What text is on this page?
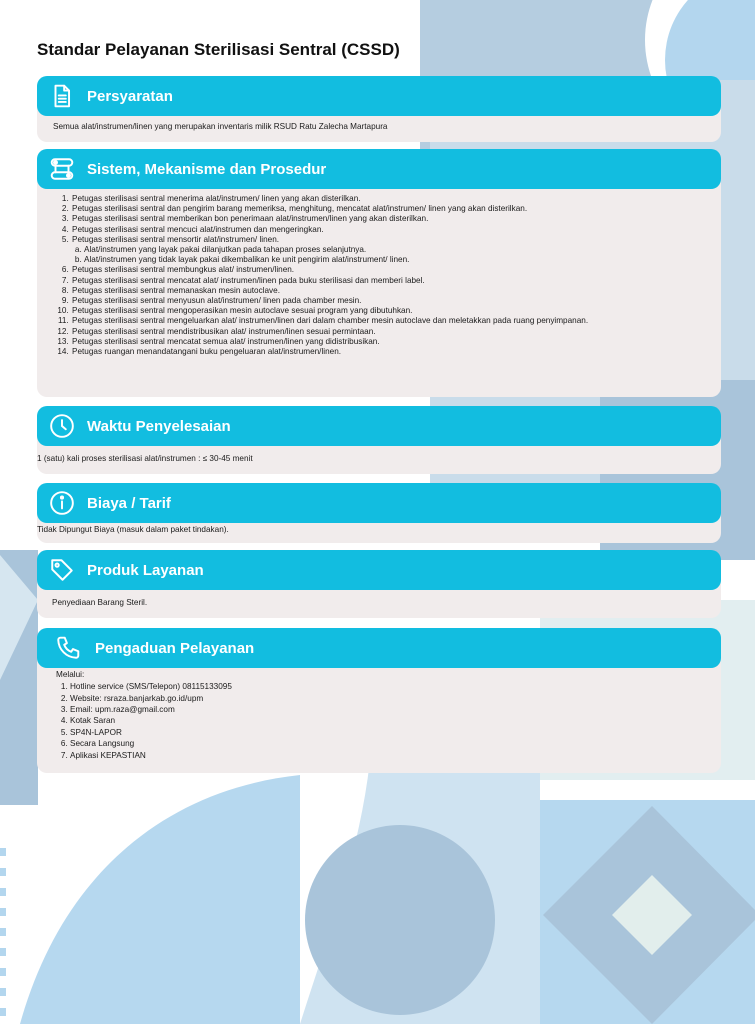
Standar Pelayanan Sterilisasi Sentral (CSSD)
Persyaratan

Semua alat/instrumen/linen yang merupakan inventaris milik RSUD Ratu Zalecha Martapura

Sistem, Mekanisme dan Prosedur
1. Petugas sterilisasi sentral menerima alat/instrumen/ linen yang akan disterilkan.
2. Petugas sterilisasi sentral dan pengirim barang memeriksa, menghitung, mencatat alat/instrumen/ linen yang akan disterilkan.
3. Petugas sterilisasi sentral memberikan bon penerimaan alat/instrumen/linen yang akan disterilkan.
4. Petugas sterilisasi sentral mencuci alat/instrumen dan mengeringkan.
5. Petugas sterilisasi sentral mensortir alat/instrumen/ linen.
a. Alat/instrumen yang layak pakai dilanjutkan pada tahapan proses selanjutnya.
b. Alat/instrumen yang tidak layak pakai dikembalikan ke unit pengirim alat/instrument/ linen.
6. Petugas sterilisasi sentral membungkus alat/ instrumen/linen.
7. Petugas sterilisasi sentral mencatat alat/ instrumen/linen pada buku sterilisasi dan memberi label.
8. Petugas sterilisasi sentral memanaskan mesin autoclave.
9. Petugas sterilisasi sentral menyusun alat/instrumen/ linen pada chamber mesin.
10. Petugas sterilisasi sentral mengoperasikan mesin autoclave sesuai program yang dibutuhkan.
11. Petugas sterilisasi sentral mengeluarkan alat/ instrumen/linen dari dalam chamber mesin autoclave dan meletakkan pada ruang penyimpanan.
12. Petugas sterilisasi sentral mendistribusikan alat/ instrumen/linen sesuai permintaan.
13. Petugas sterilisasi sentral mencatat semua alat/ instrumen/linen yang didistribusikan.
14. Petugas ruangan menandatangani buku pengeluaran alat/instrumen/linen.
Waktu Penyelesaian

1 (satu) kali proses sterilisasi alat/instrumen : ≤ 30-45 menit

Biaya / Tarif

Tidak Dipungut Biaya (masuk dalam paket tindakan).

Produk Layanan

Penyediaan Barang Steril.

Pengaduan Pelayanan

Melalui:

1. Hotline service (SMS/Telepon) 08115133095
2. Website: rsraza.banjarkab.go.id/upm
3. Email: upm.raza@gmail.com
4. Kotak Saran
5. SP4N-LAPOR
6. Secara Langsung
7. Aplikasi KEPASTIAN
